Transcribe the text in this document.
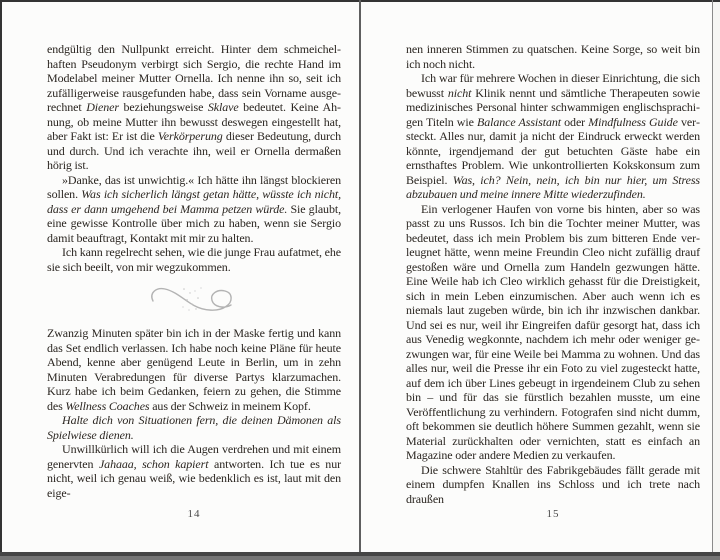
endgültig den Nullpunkt erreicht. Hinter dem schmeichelhaften Pseudonym verbirgt sich Sergio, die rechte Hand im Modelabel meiner Mutter Ornella. Ich nenne ihn so, seit ich zufälligerweise rausgefunden habe, dass sein Vorname ausgerechnet Diener beziehungsweise Sklave bedeutet. Keine Ahnung, ob meine Mutter ihn bewusst deswegen eingestellt hat, aber Fakt ist: Er ist die Verkörperung dieser Bedeutung, durch und durch. Und ich verachte ihn, weil er Ornella dermaßen hörig ist.
»Danke, das ist unwichtig.« Ich hätte ihn längst blockieren sollen. Was ich sicherlich längst getan hätte, wüsste ich nicht, dass er dann umgehend bei Mamma petzen würde. Sie glaubt, eine gewisse Kontrolle über mich zu haben, wenn sie Sergio damit beauftragt, Kontakt mit mir zu halten.
Ich kann regelrecht sehen, wie die junge Frau aufatmet, ehe sie sich beeilt, von mir wegzukommen.
Zwanzig Minuten später bin ich in der Maske fertig und kann das Set endlich verlassen. Ich habe noch keine Pläne für heute Abend, kenne aber genügend Leute in Berlin, um in zehn Minuten Verabredungen für diverse Partys klarzumachen. Kurz habe ich beim Gedanken, feiern zu gehen, die Stimme des Wellness Coaches aus der Schweiz in meinem Kopf.
Halte dich von Situationen fern, die deinen Dämonen als Spielwiese dienen.
Unwillkürlich will ich die Augen verdrehen und mit einem genervten Jahaaa, schon kapiert antworten. Ich tue es nur nicht, weil ich genau weiß, wie bedenklich es ist, laut mit den eige-
14
nen inneren Stimmen zu quatschen. Keine Sorge, so weit bin ich noch nicht.
Ich war für mehrere Wochen in dieser Einrichtung, die sich bewusst nicht Klinik nennt und sämtliche Therapeuten sowie medizinisches Personal hinter schwammigen englischsprachigen Titeln wie Balance Assistant oder Mindfulness Guide versteckt. Alles nur, damit ja nicht der Eindruck erweckt werden könnte, irgendjemand der gut betuchten Gäste habe ein ernsthaftes Problem. Wie unkontrollierten Kokskonsum zum Beispiel. Was, ich? Nein, nein, ich bin nur hier, um Stress abzubauen und meine innere Mitte wiederzufinden.
Ein verlogener Haufen von vorne bis hinten, aber so was passt zu uns Russos. Ich bin die Tochter meiner Mutter, was bedeutet, dass ich mein Problem bis zum bitteren Ende verleugnet hätte, wenn meine Freundin Cleo nicht zufällig drauf gestoßen wäre und Ornella zum Handeln gezwungen hätte. Eine Weile hab ich Cleo wirklich gehasst für die Dreistigkeit, sich in mein Leben einzumischen. Aber auch wenn ich es niemals laut zugeben würde, bin ich ihr inzwischen dankbar. Und sei es nur, weil ihr Eingreifen dafür gesorgt hat, dass ich aus Venedig wegkonnte, nachdem ich mehr oder weniger gezwungen war, für eine Weile bei Mamma zu wohnen. Und das alles nur, weil die Presse ihr ein Foto zu viel zugesteckt hatte, auf dem ich über Lines gebeugt in irgendeinem Club zu sehen bin – und für das sie fürstlich bezahlen musste, um eine Veröffentlichung zu verhindern. Fotografen sind nicht dumm, oft bekommen sie deutlich höhere Summen gezahlt, wenn sie Material zurückhalten oder vernichten, statt es einfach an Magazine oder andere Medien zu verkaufen.
Die schwere Stahltür des Fabrikgebäudes fällt gerade mit einem dumpfen Knallen ins Schloss und ich trete nach draußen
15
